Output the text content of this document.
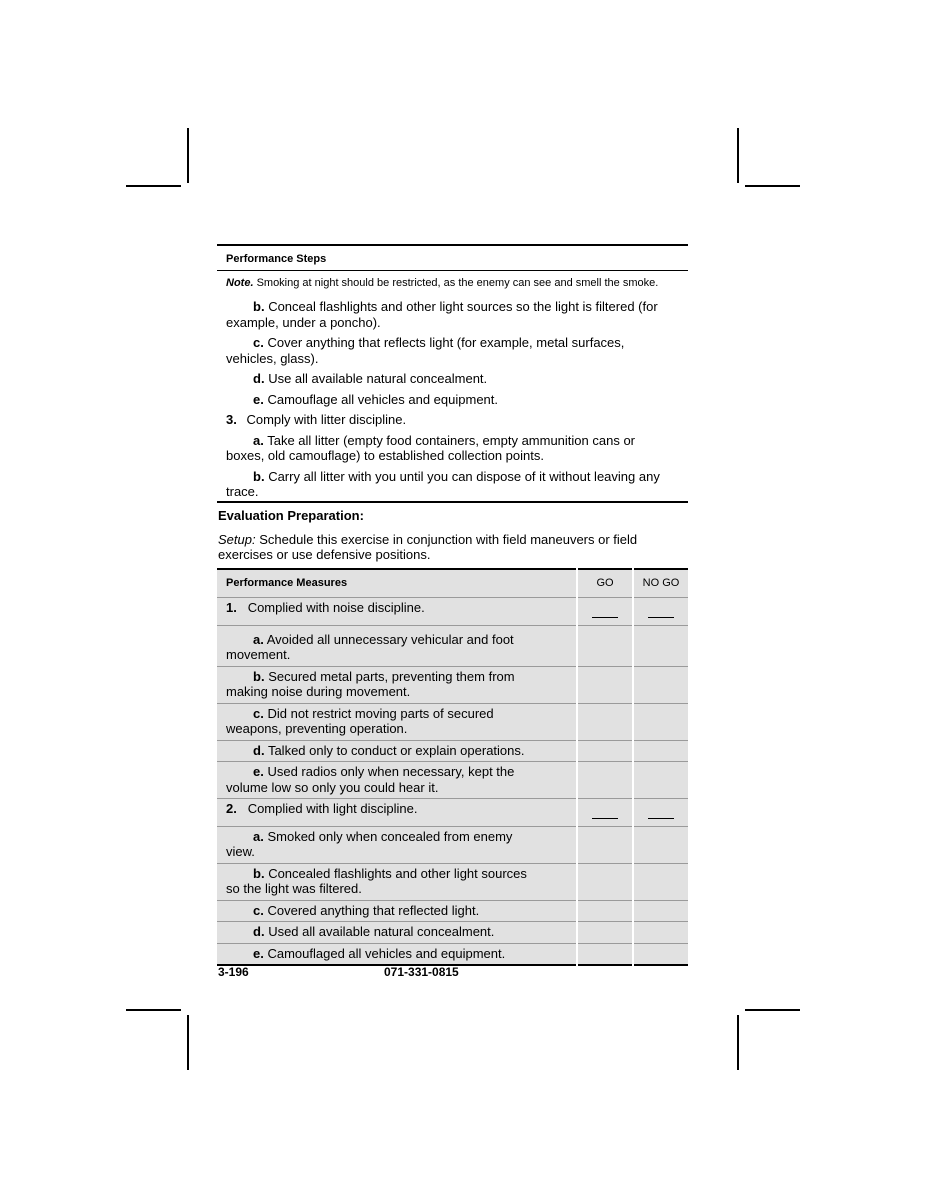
Performance Steps
Note. Smoking at night should be restricted, as the enemy can see and smell the smoke.
b. Conceal flashlights and other light sources so the light is filtered (for example, under a poncho).
c. Cover anything that reflects light (for example, metal surfaces, vehicles, glass).
d. Use all available natural concealment.
e. Camouflage all vehicles and equipment.
3. Comply with litter discipline.
a. Take all litter (empty food containers, empty ammunition cans or boxes, old camouflage) to established collection points.
b. Carry all litter with you until you can dispose of it without leaving any trace.
Evaluation Preparation:
Setup: Schedule this exercise in conjunction with field maneuvers or field exercises or use defensive positions.
Performance Measures	GO	NO GO
1. Complied with noise discipline.		
a. Avoided all unnecessary vehicular and foot movement.		
b. Secured metal parts, preventing them from making noise during movement.		
c. Did not restrict moving parts of secured weapons, preventing operation.		
d. Talked only to conduct or explain operations.		
e. Used radios only when necessary, kept the volume low so only you could hear it.		
2. Complied with light discipline.		
a. Smoked only when concealed from enemy view.		
b. Concealed flashlights and other light sources so the light was filtered.		
c. Covered anything that reflected light.		
d. Used all available natural concealment.		
e. Camouflaged all vehicles and equipment.		
3-196	071-331-0815
